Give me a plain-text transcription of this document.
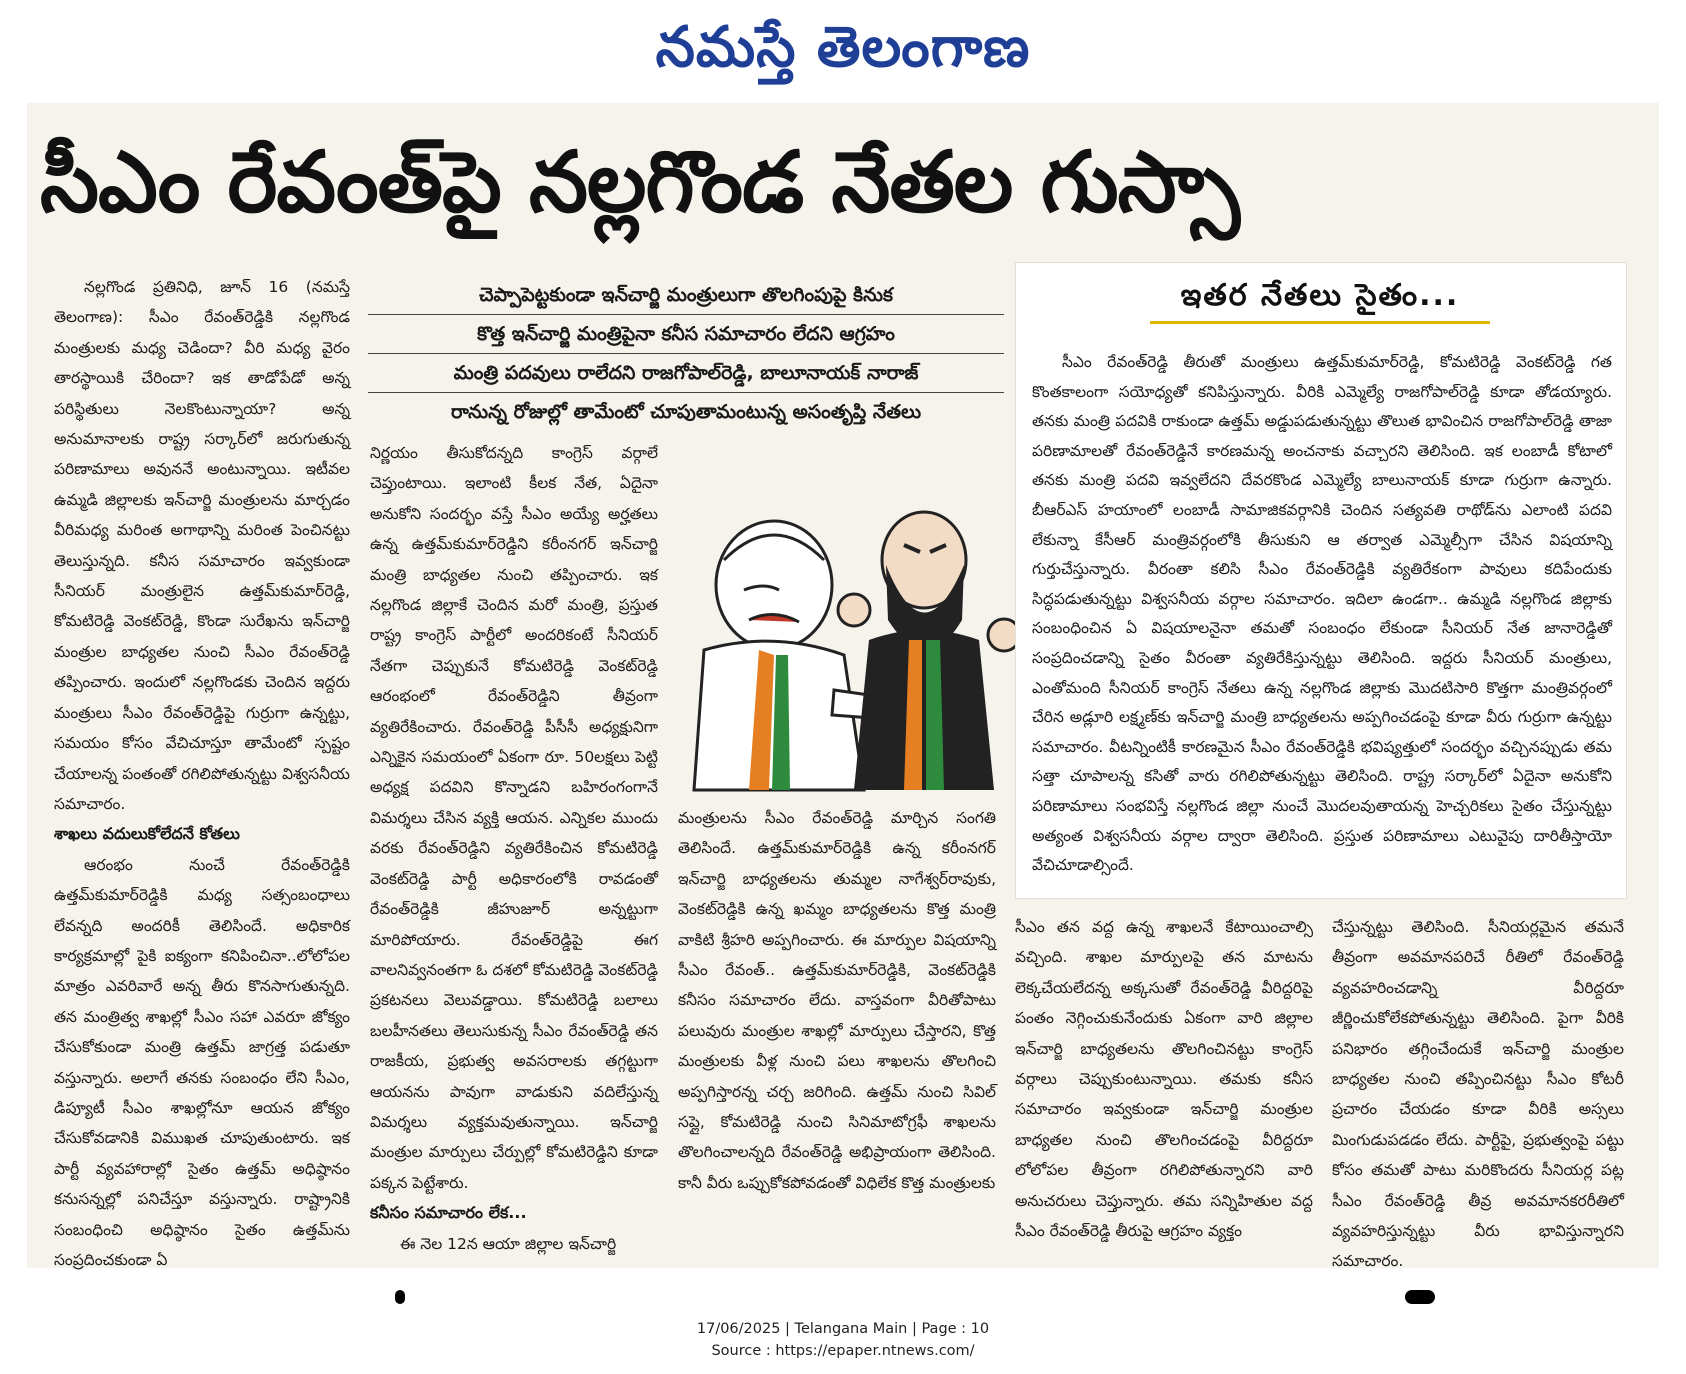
నమస్తే తెలంగాణ
సీఎం రేవంత్‌పై నల్లగొండ నేతల గుస్సా

నల్లగొండ ప్రతినిధి, జూన్‌ 16 (నమస్తే తెలంగాణ): సీఎం రేవంత్‌రెడ్డికి నల్లగొండ మంత్రులకు మధ్య చెడిందా? వీరి మధ్య వైరం తారస్థాయికి చేరిందా? ఇక తాడోపేడో అన్న పరిస్థితులు నెలకొంటున్నాయా? అన్న అనుమానాలకు రాష్ట్ర సర్కార్‌లో జరుగుతున్న పరిణామాలు అవుననే అంటున్నాయి. ఇటీవల ఉమ్మడి జిల్లాలకు ఇన్‌చార్జి మంత్రులను మార్చడం వీరిమధ్య మరింత అగాథాన్ని మరింత పెంచినట్టు తెలుస్తున్నది. కనీస సమాచారం ఇవ్వకుండా సీనియర్‌ మంత్రులైన ఉత్తమ్‌కుమార్‌రెడ్డి, కోమటిరెడ్డి వెంకట్‌రెడ్డి, కొండా సురేఖను ఇన్‌చార్జి మంత్రుల బాధ్యతల నుంచి సీఎం రేవంత్‌రెడ్డి తప్పించారు. ఇందులో నల్లగొండకు చెందిన ఇద్దరు మంత్రులు సీఎం రేవంత్‌రెడ్డిపై గుర్రుగా ఉన్నట్టు, సమయం కోసం వేచిచూస్తూ తామేంటో స్పష్టం చేయాలన్న పంతంతో రగిలిపోతున్నట్టు విశ్వసనీయ సమాచారం.

శాఖలు వదులుకోలేదనే కోతలు

ఆరంభం నుంచే రేవంత్‌రెడ్డికి ఉత్తమ్‌కుమార్‌రెడ్డికి మధ్య సత్సంబంధాలు లేవన్నది అందరికీ తెలిసిందే. అధికారిక కార్యక్రమాల్లో పైకి ఐక్యంగా కనిపించినా..లోలోపల మాత్రం ఎవరివారే అన్న తీరు కొనసాగుతున్నది. తన మంత్రిత్వ శాఖల్లో సీఎం సహా ఎవరూ జోక్యం చేసుకోకుండా మంత్రి ఉత్తమ్‌ జాగ్రత్త పడుతూ వస్తున్నారు. అలాగే తనకు సంబంధం లేని సీఎం, డిప్యూటీ సీఎం శాఖల్లోనూ ఆయన జోక్యం చేసుకోవడానికి విముఖత చూపుతుంటారు. ఇక పార్టీ వ్యవహారాల్లో సైతం ఉత్తమ్‌ అధిష్ఠానం కనుసన్నల్లో పనిచేస్తూ వస్తున్నారు. రాష్ట్రానికి సంబంధించి అధిష్ఠానం సైతం ఉత్తమ్‌ను సంప్రదించకుండా ఏ

చెప్పాపెట్టకుండా ఇన్‌చార్జి మంత్రులుగా తొలగింపుపై కినుక
కొత్త ఇన్‌చార్జి మంత్రిపైనా కనీస సమాచారం లేదని ఆగ్రహం
మంత్రి పదవులు రాలేదని రాజగోపాల్‌రెడ్డి, బాలూనాయక్‌ నారాజ్‌
రానున్న రోజుల్లో తామేంటో చూపుతామంటున్న అసంతృప్తి నేతలు

నిర్ణయం తీసుకోదన్నది కాంగ్రెస్‌ వర్గాలే చెప్తుంటాయి. ఇలాంటి కీలక నేత, ఏదైనా అనుకోని సందర్భం వస్తే సీఎం అయ్యే అర్హతలు ఉన్న ఉత్తమ్‌కుమార్‌రెడ్డిని కరీంనగర్‌ ఇన్‌చార్జి మంత్రి బాధ్యతల నుంచి తప్పించారు. ఇక నల్లగొండ జిల్లాకే చెందిన మరో మంత్రి, ప్రస్తుత రాష్ట్ర కాంగ్రెస్‌ పార్టీలో అందరికంటే సీనియర్‌ నేతగా చెప్పుకునే కోమటిరెడ్డి వెంకట్‌రెడ్డి ఆరంభంలో రేవంత్‌రెడ్డిని తీవ్రంగా వ్యతిరేకించారు. రేవంత్‌రెడ్డి పీసీసీ అధ్యక్షునిగా ఎన్నికైన సమయంలో ఏకంగా రూ. 50లక్షలు పెట్టి అధ్యక్ష పదవిని కొన్నాడని బహిరంగంగానే విమర్శలు చేసిన వ్యక్తి ఆయన. ఎన్నికల ముందు వరకు రేవంత్‌రెడ్డిని వ్యతిరేకించిన కోమటిరెడ్డి వెంకట్‌రెడ్డి పార్టీ అధికారంలోకి రావడంతో రేవంత్‌రెడ్డికి జీహుజూర్‌ అన్నట్టుగా మారిపోయారు. రేవంత్‌రెడ్డిపై ఈగ వాలనివ్వనంతగా ఓ దశలో కోమటిరెడ్డి వెంకట్‌రెడ్డి ప్రకటనలు వెలువడ్డాయి. కోమటిరెడ్డి బలాలు బలహీనతలు తెలుసుకున్న సీఎం రేవంత్‌రెడ్డి తన రాజకీయ, ప్రభుత్వ అవసరాలకు తగ్గట్టుగా ఆయనను పావుగా వాడుకుని వదిలేస్తున్న విమర్శలు వ్యక్తమవుతున్నాయి. ఇన్‌చార్జి మంత్రుల మార్పులు చేర్పుల్లో కోమటిరెడ్డిని కూడా పక్కన పెట్టేశారు.

కనీసం సమాచారం లేక...

ఈ నెల 12న ఆయా జిల్లాల ఇన్‌చార్జి

మంత్రులను సీఎం రేవంత్‌రెడ్డి మార్చిన సంగతి తెలిసిందే. ఉత్తమ్‌కుమార్‌రెడ్డికి ఉన్న కరీంనగర్‌ ఇన్‌చార్జి బాధ్యతలను తుమ్మల నాగేశ్వర్‌రావుకు, వెంకట్‌రెడ్డికి ఉన్న ఖమ్మం బాధ్యతలను కొత్త మంత్రి వాకిటి శ్రీహరి అప్పగించారు. ఈ మార్పుల విషయాన్ని సీఎం రేవంత్‌.. ఉత్తమ్‌కుమార్‌రెడ్డికి, వెంకట్‌రెడ్డికి కనీసం సమాచారం లేదు. వాస్తవంగా వీరితోపాటు పలువురు మంత్రుల శాఖల్లో మార్పులు చేస్తారని, కొత్త మంత్రులకు వీళ్ల నుంచి పలు శాఖలను తొలగించి అప్పగిస్తారన్న చర్చ జరిగింది. ఉత్తమ్‌ నుంచి సివిల్‌ సప్లై, కోమటిరెడ్డి నుంచి సినిమాటోగ్రఫీ శాఖలను తొలగించాలన్నది రేవంత్‌రెడ్డి అభిప్రాయంగా తెలిసింది. కానీ వీరు ఒప్పుకోకపోవడంతో విధిలేక కొత్త మంత్రులకు

ఇతర నేతలు సైతం...

సీఎం రేవంత్‌రెడ్డి తీరుతో మంత్రులు ఉత్తమ్‌కుమార్‌రెడ్డి, కోమటిరెడ్డి వెంకట్‌రెడ్డి గత కొంతకాలంగా సయోధ్యతో కనిపిస్తున్నారు. వీరికి ఎమ్మెల్యే రాజగోపాల్‌రెడ్డి కూడా తోడయ్యారు. తనకు మంత్రి పదవికి రాకుండా ఉత్తమ్‌ అడ్డుపడుతున్నట్టు తొలుత భావించిన రాజగోపాల్‌రెడ్డి తాజా పరిణామాలతో రేవంత్‌రెడ్డినే కారణమన్న అంచనాకు వచ్చారని తెలిసింది. ఇక లంబాడీ కోటాలో తనకు మంత్రి పదవి ఇవ్వలేదని దేవరకొండ ఎమ్మెల్యే బాలునాయక్‌ కూడా గుర్రుగా ఉన్నారు. బీఆర్‌ఎస్‌ హయాంలో లంబాడీ సామాజికవర్గానికి చెందిన సత్యవతి రాథోడ్‌ను ఎలాంటి పదవి లేకున్నా కేసీఆర్‌ మంత్రివర్గంలోకి తీసుకుని ఆ తర్వాత ఎమ్మెల్సీగా చేసిన విషయాన్ని గుర్తుచేస్తున్నారు. వీరంతా కలిసి సీఎం రేవంత్‌రెడ్డికి వ్యతిరేకంగా పావులు కదిపేందుకు సిద్ధపడుతున్నట్టు విశ్వసనీయ వర్గాల సమాచారం. ఇదిలా ఉండగా.. ఉమ్మడి నల్లగొండ జిల్లాకు సంబంధించిన ఏ విషయాలనైనా తమతో సంబంధం లేకుండా సీనియర్‌ నేత జానారెడ్డితో సంప్రదించడాన్ని సైతం వీరంతా వ్యతిరేకిస్తున్నట్టు తెలిసింది. ఇద్దరు సీనియర్‌ మంత్రులు, ఎంతోమంది సీనియర్‌ కాంగ్రెస్‌ నేతలు ఉన్న నల్లగొండ జిల్లాకు మొదటిసారి కొత్తగా మంత్రివర్గంలో చేరిన అడ్లూరి లక్ష్మణ్‌కు ఇన్‌చార్జి మంత్రి బాధ్యతలను అప్పగించడంపై కూడా వీరు గుర్రుగా ఉన్నట్టు సమాచారం. వీటన్నింటికీ కారణమైన సీఎం రేవంత్‌రెడ్డికి భవిష్యత్తులో సందర్భం వచ్చినప్పుడు తమ సత్తా చూపాలన్న కసితో వారు రగిలిపోతున్నట్టు తెలిసింది. రాష్ట్ర సర్కార్‌లో ఏదైనా అనుకోని పరిణామాలు సంభవిస్తే నల్లగొండ జిల్లా నుంచే మొదలవుతాయన్న హెచ్చరికలు సైతం చేస్తున్నట్టు అత్యంత విశ్వసనీయ వర్గాల ద్వారా తెలిసింది. ప్రస్తుత పరిణామాలు ఎటువైపు దారితీస్తాయో వేచిచూడాల్సిందే.

సీఎం తన వద్ద ఉన్న శాఖలనే కేటాయించాల్సి వచ్చింది. శాఖల మార్పులపై తన మాటను లెక్కచేయలేదన్న అక్కసుతో రేవంత్‌రెడ్డి వీరిద్దరిపై పంతం నెగ్గించుకునేందుకు ఏకంగా వారి జిల్లాల ఇన్‌చార్జి బాధ్యతలను తొలగించినట్టు కాంగ్రెస్‌ వర్గాలు చెప్పుకుంటున్నాయి. తమకు కనీస సమాచారం ఇవ్వకుండా ఇన్‌చార్జి మంత్రుల బాధ్యతల నుంచి తొలగించడంపై వీరిద్దరూ లోలోపల తీవ్రంగా రగిలిపోతున్నారని వారి అనుచరులు చెప్తున్నారు. తమ సన్నిహితుల వద్ద సీఎం రేవంత్‌రెడ్డి తీరుపై ఆగ్రహం వ్యక్తం

చేస్తున్నట్టు తెలిసింది. సీనియర్లమైన తమనే తీవ్రంగా అవమానపరిచే రీతిలో రేవంత్‌రెడ్డి వ్యవహరించడాన్ని వీరిద్దరూ జీర్ణించుకోలేకపోతున్నట్టు తెలిసింది. పైగా వీరికి పనిభారం తగ్గించేందుకే ఇన్‌చార్జి మంత్రుల బాధ్యతల నుంచి తప్పించినట్టు సీఎం కోటరీ ప్రచారం చేయడం కూడా వీరికి అస్సలు మింగుడుపడడం లేదు. పార్టీపై, ప్రభుత్వంపై పట్టు కోసం తమతో పాటు మరికొందరు సీనియర్ల పట్ల సీఎం రేవంత్‌రెడ్డి తీవ్ర అవమానకరరీతిలో వ్యవహరిస్తున్నట్టు వీరు భావిస్తున్నారని సమాచారం.

17/06/2025 | Telangana Main | Page : 10
Source : https://epaper.ntnews.com/
